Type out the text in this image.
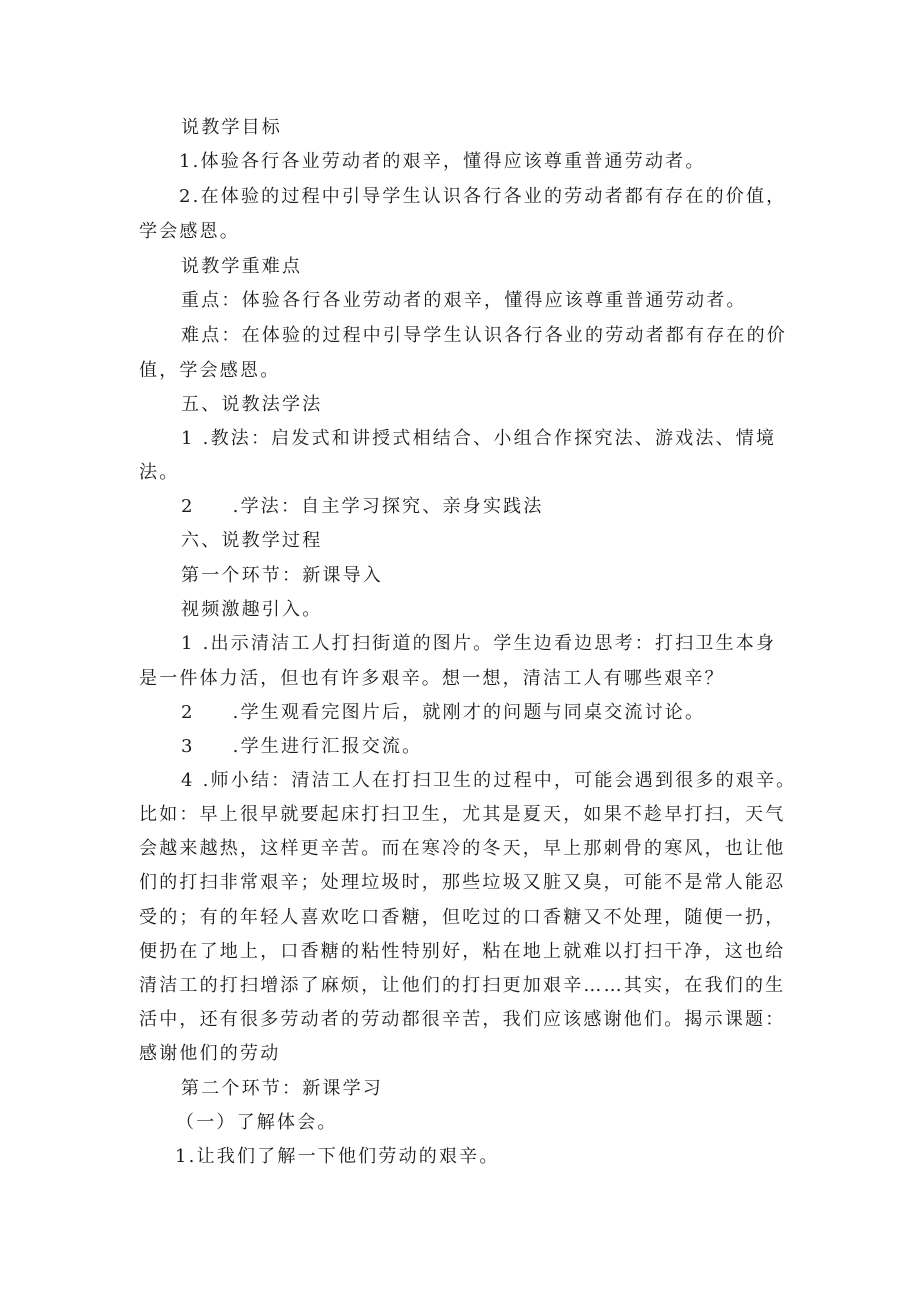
说教学目标
1.体验各行各业劳动者的艰辛，懂得应该尊重普通劳动者。
2.在体验的过程中引导学生认识各行各业的劳动者都有存在的价值，
学会感恩。
说教学重难点
重点：体验各行各业劳动者的艰辛，懂得应该尊重普通劳动者。
难点：在体验的过程中引导学生认识各行各业的劳动者都有存在的价
值，学会感恩。
五、说教法学法
1 .教法：启发式和讲授式相结合、小组合作探究法、游戏法、情境
法。
2 .学法：自主学习探究、亲身实践法
六、说教学过程
第一个环节：新课导入
视频激趣引入。
1 .出示清洁工人打扫街道的图片。学生边看边思考：打扫卫生本身
是一件体力活，但也有许多艰辛。想一想，清洁工人有哪些艰辛？
2 .学生观看完图片后，就刚才的问题与同桌交流讨论。
3 .学生进行汇报交流。
4 .师小结：清洁工人在打扫卫生的过程中，可能会遇到很多的艰辛。
比如：早上很早就要起床打扫卫生，尤其是夏天，如果不趁早打扫，天气
会越来越热，这样更辛苦。而在寒冷的冬天，早上那刺骨的寒风，也让他
们的打扫非常艰辛；处理垃圾时，那些垃圾又脏又臭，可能不是常人能忍
受的；有的年轻人喜欢吃口香糖，但吃过的口香糖又不处理，随便一扔，
便扔在了地上，口香糖的粘性特别好，粘在地上就难以打扫干净，这也给
清洁工的打扫增添了麻烦，让他们的打扫更加艰辛……其实，在我们的生
活中，还有很多劳动者的劳动都很辛苦，我们应该感谢他们。揭示课题：
感谢他们的劳动
第二个环节：新课学习
（一）了解体会。
1.让我们了解一下他们劳动的艰辛。
